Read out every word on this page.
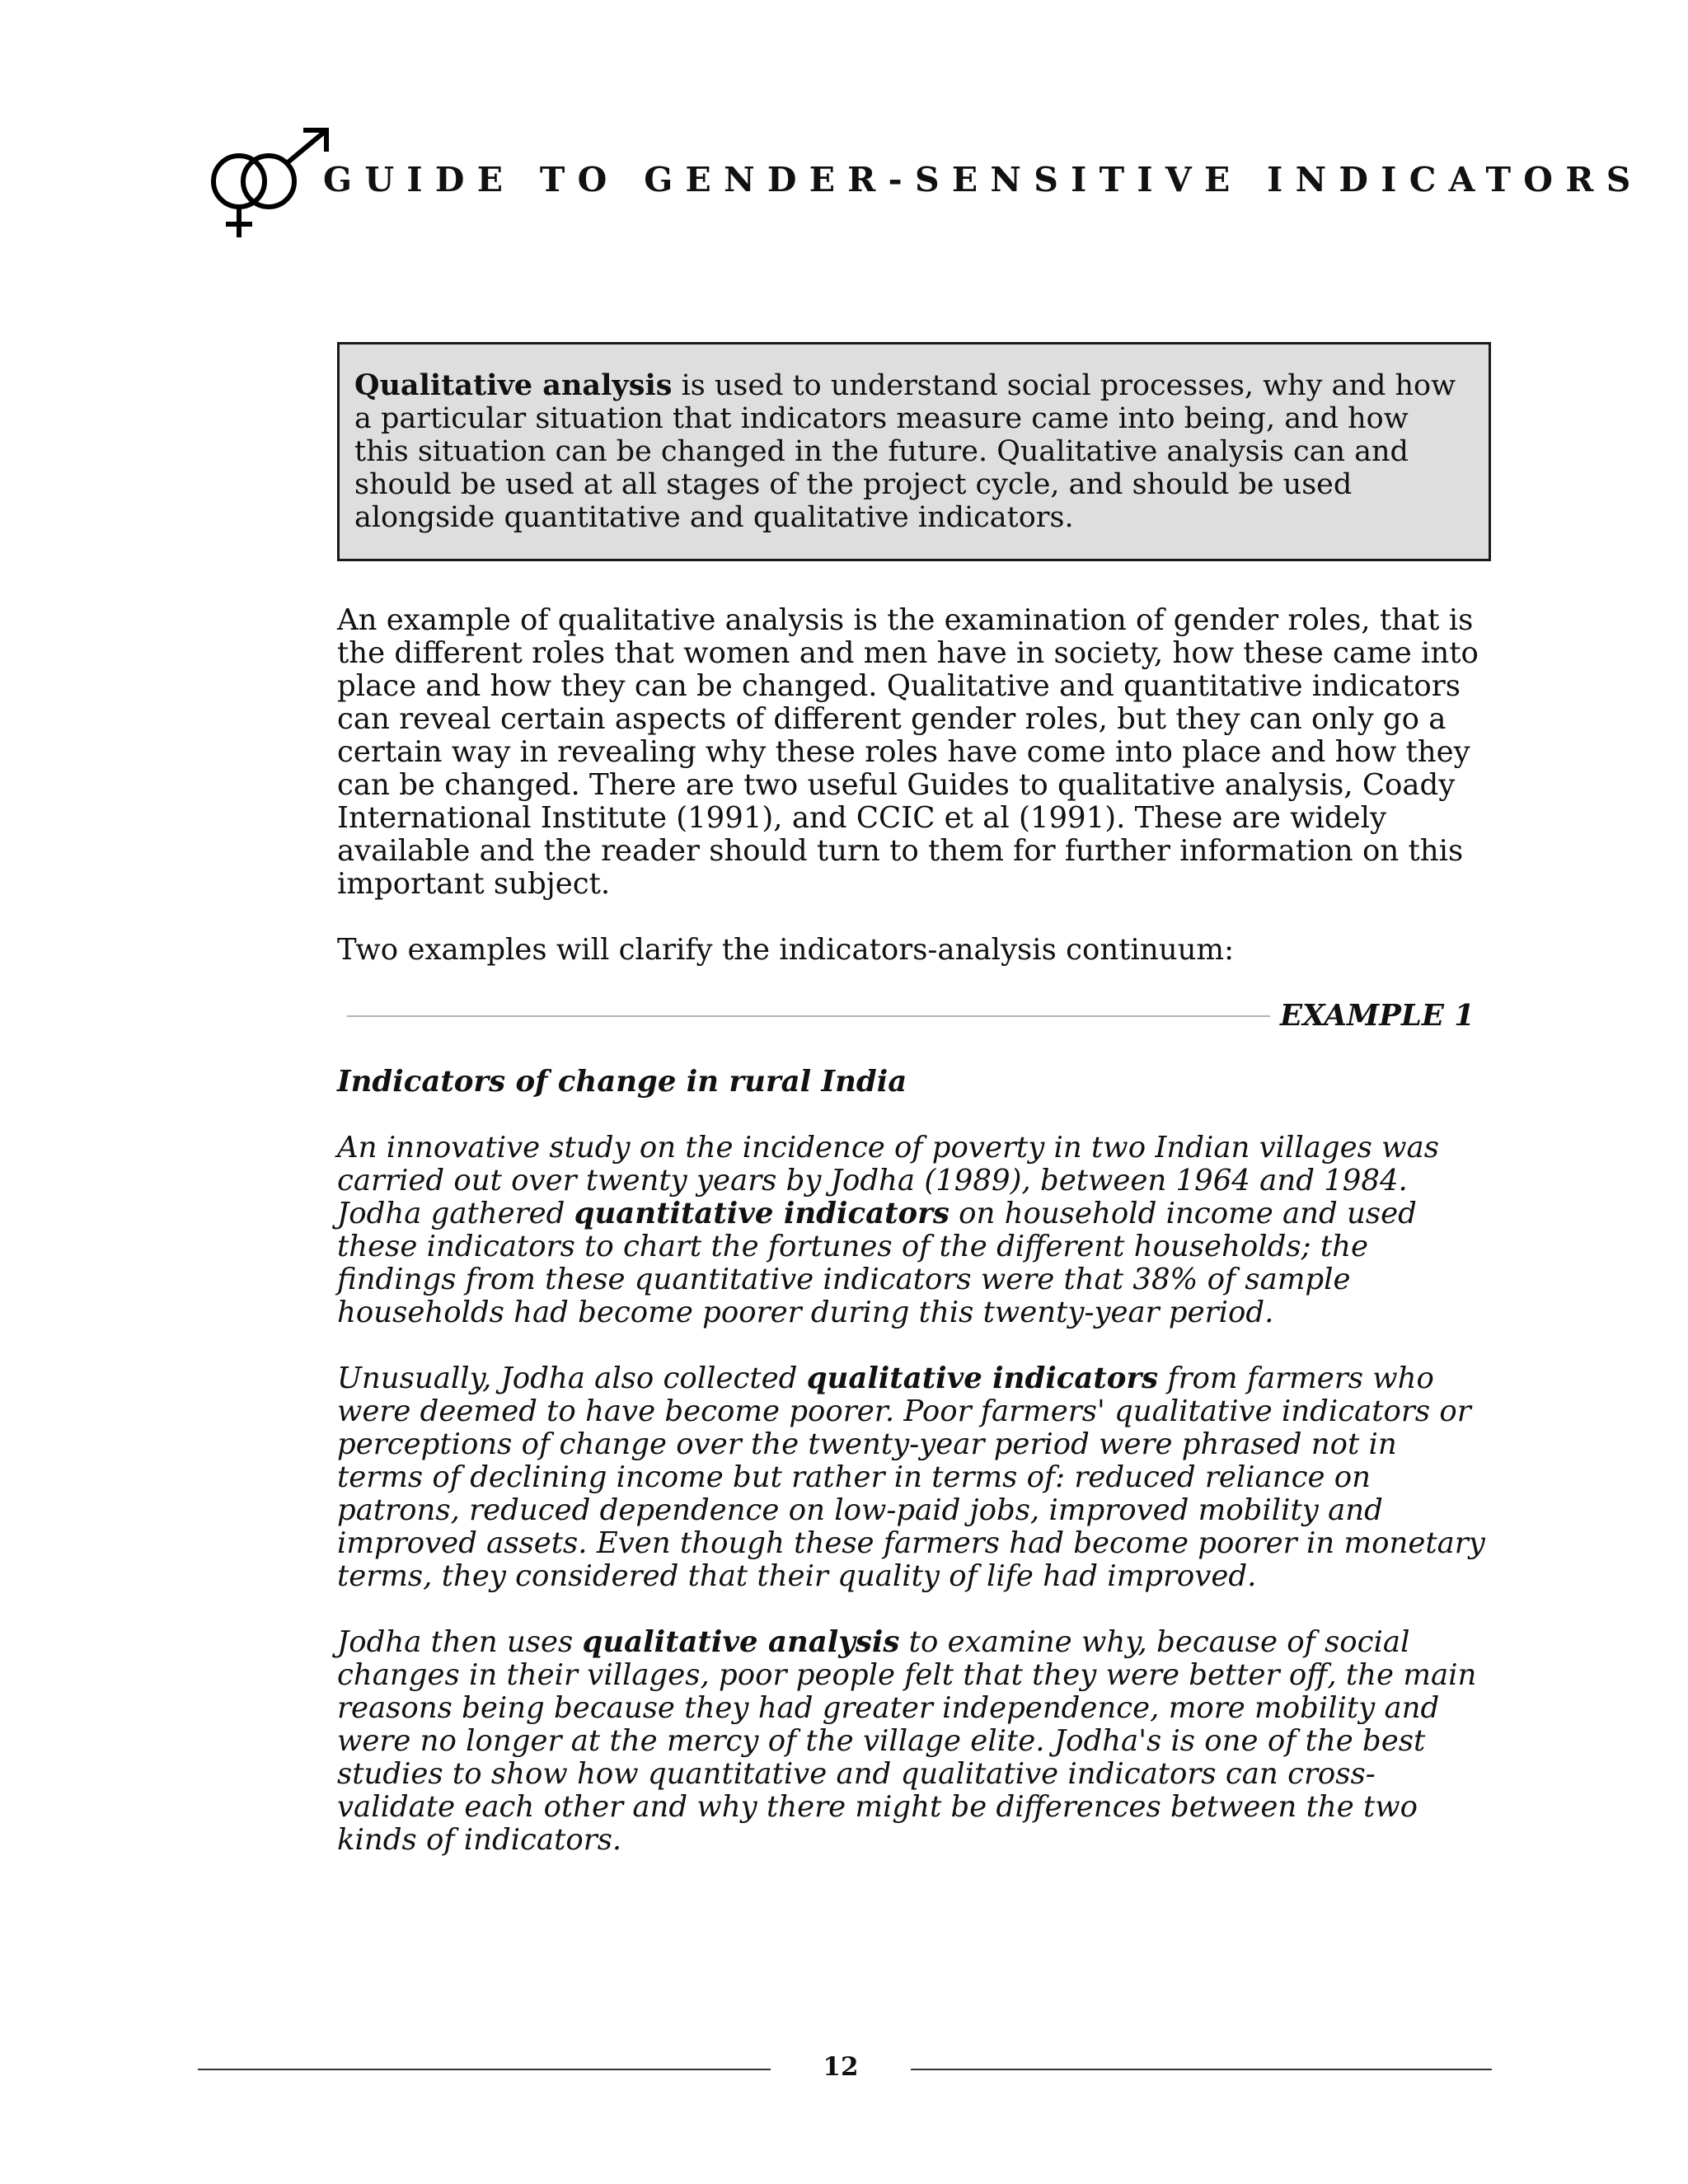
GUIDE TO GENDER-SENSITIVE INDICATORS

Qualitative analysis is used to understand social processes, why and how a particular situation that indicators measure came into being, and how this situation can be changed in the future. Qualitative analysis can and should be used at all stages of the project cycle, and should be used alongside quantitative and qualitative indicators.

An example of qualitative analysis is the examination of gender roles, that is the different roles that women and men have in society, how these came into place and how they can be changed. Qualitative and quantitative indicators can reveal certain aspects of different gender roles, but they can only go a certain way in revealing why these roles have come into place and how they can be changed. There are two useful Guides to qualitative analysis, Coady International Institute (1991), and CCIC et al (1991). These are widely available and the reader should turn to them for further information on this important subject.

Two examples will clarify the indicators-analysis continuum:

EXAMPLE 1

Indicators of change in rural India

An innovative study on the incidence of poverty in two Indian villages was carried out over twenty years by Jodha (1989), between 1964 and 1984. Jodha gathered quantitative indicators on household income and used these indicators to chart the fortunes of the different households; the findings from these quantitative indicators were that 38% of sample households had become poorer during this twenty-year period.

Unusually, Jodha also collected qualitative indicators from farmers who were deemed to have become poorer. Poor farmers' qualitative indicators or perceptions of change over the twenty-year period were phrased not in terms of declining income but rather in terms of: reduced reliance on patrons, reduced dependence on low-paid jobs, improved mobility and improved assets. Even though these farmers had become poorer in monetary terms, they considered that their quality of life had improved.

Jodha then uses qualitative analysis to examine why, because of social changes in their villages, poor people felt that they were better off, the main reasons being because they had greater independence, more mobility and were no longer at the mercy of the village elite. Jodha's is one of the best studies to show how quantitative and qualitative indicators can cross-validate each other and why there might be differences between the two kinds of indicators.

12
